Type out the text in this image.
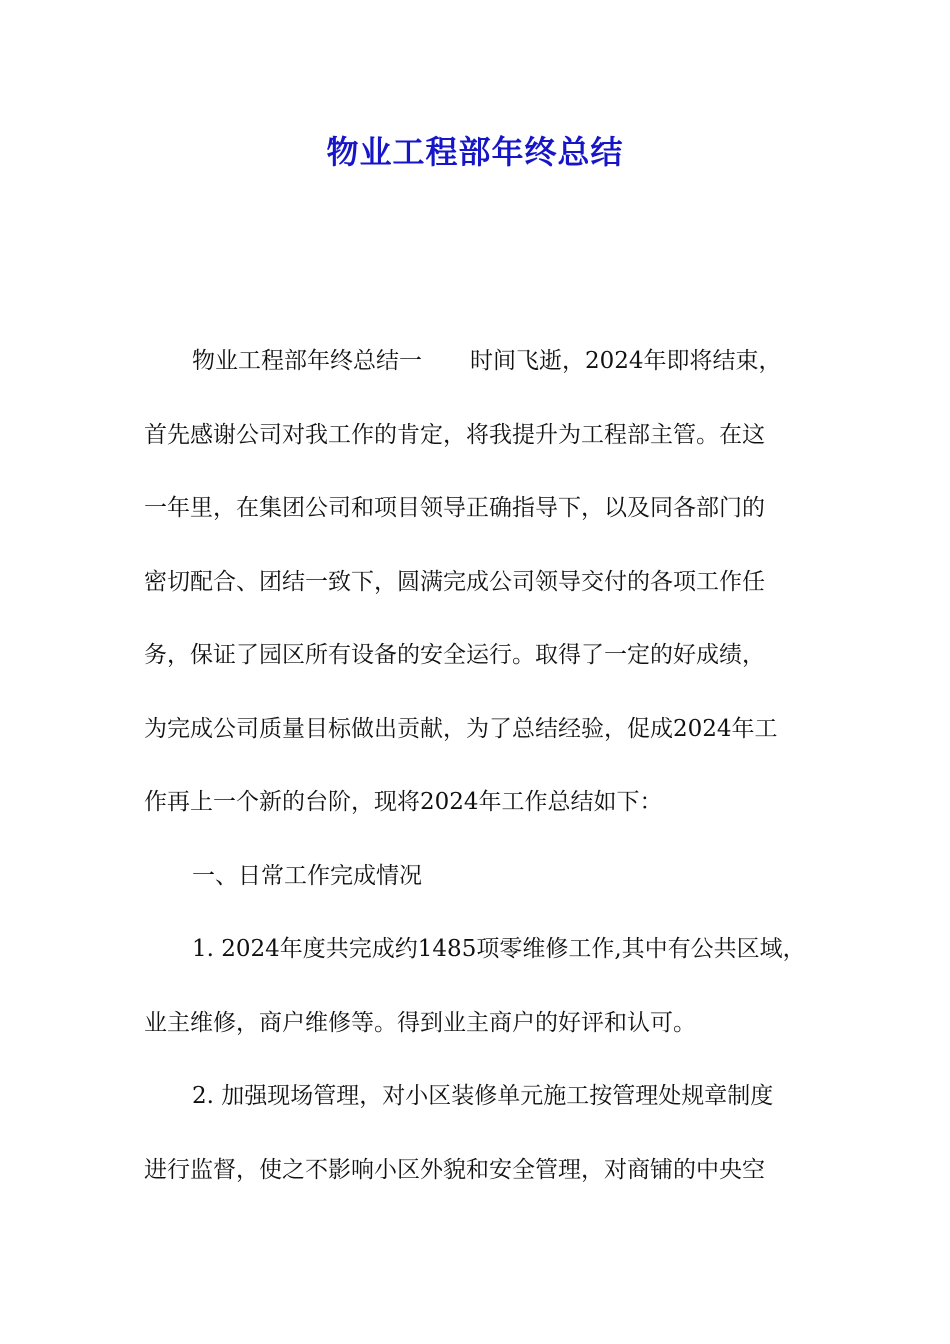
物业工程部年终总结

物业工程部年终总结一 时间飞逝，2024年即将结束，

首先感谢公司对我工作的肯定，将我提升为工程部主管。在这

一年里，在集团公司和项目领导正确指导下，以及同各部门的

密切配合、团结一致下，圆满完成公司领导交付的各项工作任

务，保证了园区所有设备的安全运行。取得了一定的好成绩，

为完成公司质量目标做出贡献，为了总结经验，促成2024年工

作再上一个新的台阶，现将2024年工作总结如下：

一、日常工作完成情况

1. 2024年度共完成约1485项零维修工作,其中有公共区域，

业主维修，商户维修等。得到业主商户的好评和认可。

2. 加强现场管理，对小区装修单元施工按管理处规章制度

进行监督，使之不影响小区外貌和安全管理，对商铺的中央空
